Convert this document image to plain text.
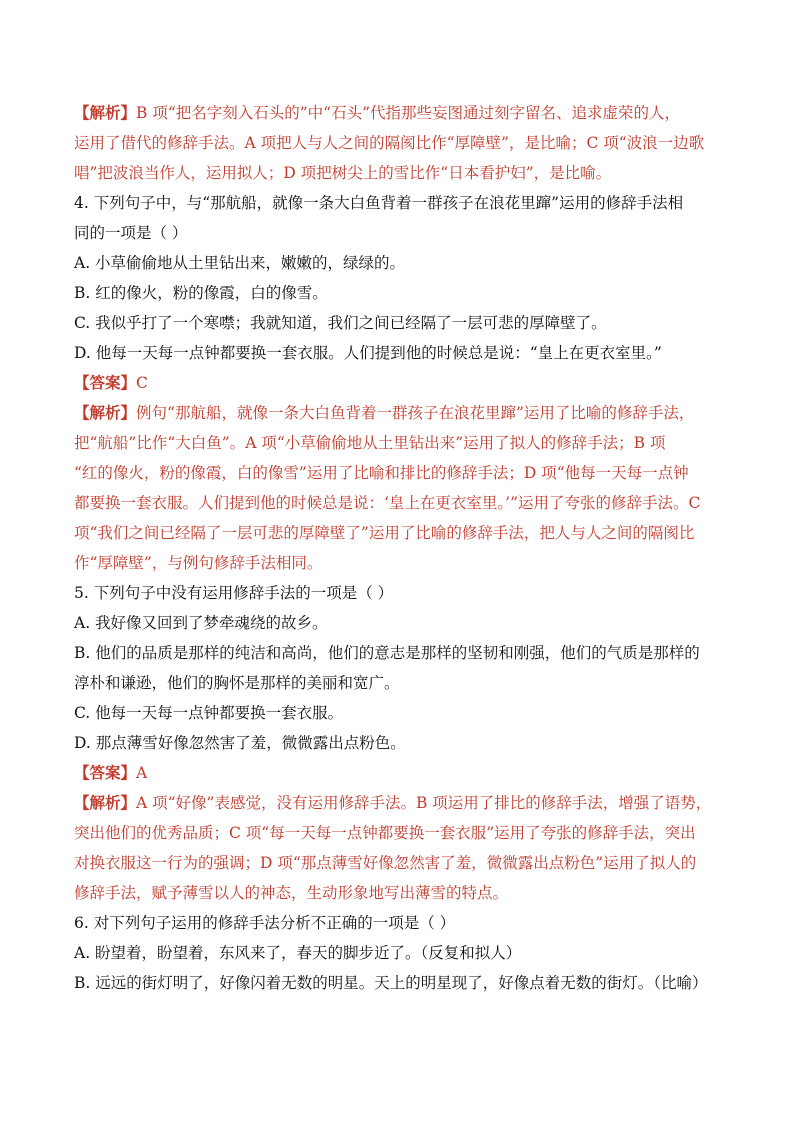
【解析】B 项“把名字刻入石头的”中“石头”代指那些妄图通过刻字留名、追求虚荣的人，
运用了借代的修辞手法。A 项把人与人之间的隔阂比作“厚障壁”，是比喻；C 项“波浪一边歌
唱”把波浪当作人，运用拟人；D 项把树尖上的雪比作“日本看护妇”，是比喻。
4. 下列句子中，与“那航船，就像一条大白鱼背着一群孩子在浪花里蹿”运用的修辞手法相
同的一项是（ ）
A. 小草偷偷地从土里钻出来，嫩嫩的，绿绿的。
B. 红的像火，粉的像霞，白的像雪。
C. 我似乎打了一个寒噤；我就知道，我们之间已经隔了一层可悲的厚障壁了。
D. 他每一天每一点钟都要换一套衣服。人们提到他的时候总是说：“皇上在更衣室里。”
【答案】C
【解析】例句“那航船，就像一条大白鱼背着一群孩子在浪花里蹿”运用了比喻的修辞手法，
把“航船”比作“大白鱼”。A 项“小草偷偷地从土里钻出来”运用了拟人的修辞手法；B 项
“红的像火，粉的像霞，白的像雪”运用了比喻和排比的修辞手法；D 项“他每一天每一点钟
都要换一套衣服。人们提到他的时候总是说：‘皇上在更衣室里。’”运用了夸张的修辞手法。C
项“我们之间已经隔了一层可悲的厚障壁了”运用了比喻的修辞手法，把人与人之间的隔阂比
作“厚障壁”，与例句修辞手法相同。
5. 下列句子中没有运用修辞手法的一项是（ ）
A. 我好像又回到了梦牵魂绕的故乡。
B. 他们的品质是那样的纯洁和高尚，他们的意志是那样的坚韧和刚强，他们的气质是那样的
淳朴和谦逊，他们的胸怀是那样的美丽和宽广。
C. 他每一天每一点钟都要换一套衣服。
D. 那点薄雪好像忽然害了羞，微微露出点粉色。
【答案】A
【解析】A 项“好像”表感觉，没有运用修辞手法。B 项运用了排比的修辞手法，增强了语势，
突出他们的优秀品质；C 项“每一天每一点钟都要换一套衣服”运用了夸张的修辞手法，突出
对换衣服这一行为的强调；D 项“那点薄雪好像忽然害了羞，微微露出点粉色”运用了拟人的
修辞手法，赋予薄雪以人的神态，生动形象地写出薄雪的特点。
6. 对下列句子运用的修辞手法分析不正确的一项是（ ）
A. 盼望着，盼望着，东风来了，春天的脚步近了。（反复和拟人）
B. 远远的街灯明了，好像闪着无数的明星。天上的明星现了，好像点着无数的街灯。（比喻）
